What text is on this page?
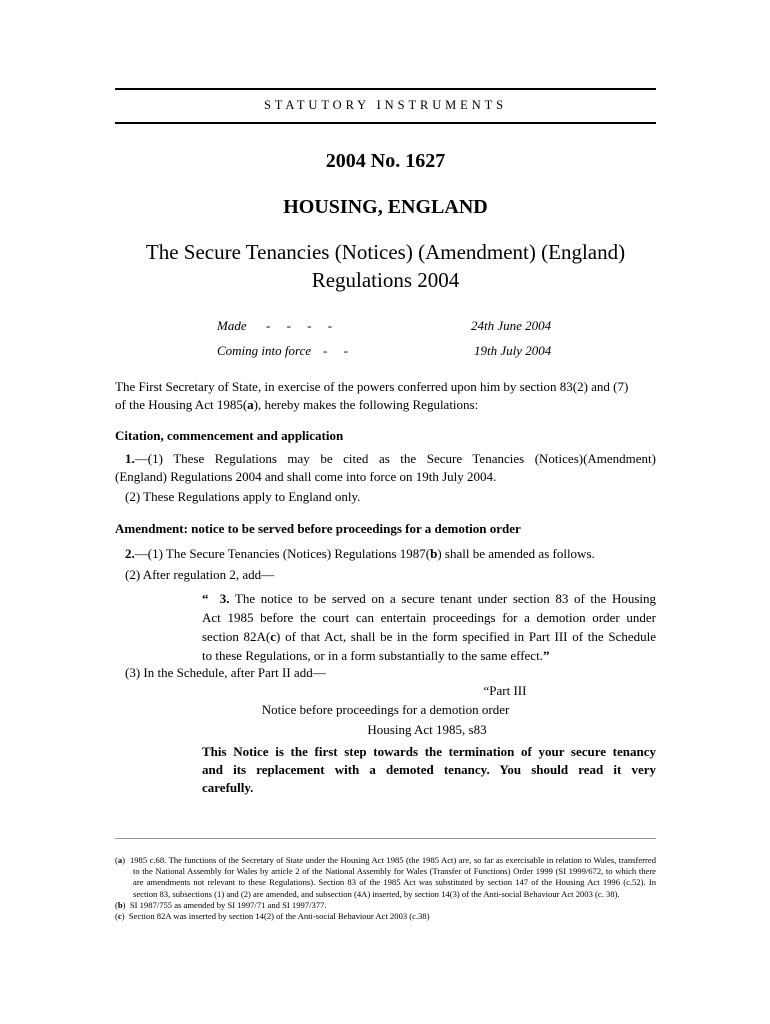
STATUTORY INSTRUMENTS
2004 No. 1627
HOUSING, ENGLAND
The Secure Tenancies (Notices) (Amendment) (England)
Regulations 2004
Made -     -     -     -	24th June 2004
Coming into force -     -	19th July 2004
The First Secretary of State, in exercise of the powers conferred upon him by section 83(2) and (7)
of the Housing Act 1985(a), hereby makes the following Regulations:
Citation, commencement and application
1.—(1) These Regulations may be cited as the Secure Tenancies (Notices)(Amendment)
(England) Regulations 2004 and shall come into force on 19th July 2004.
(2) These Regulations apply to England only.
Amendment: notice to be served before proceedings for a demotion order
2.—(1) The Secure Tenancies (Notices) Regulations 1987(b) shall be amended as follows.
(2) After regulation 2, add—
“ 3. The notice to be served on a secure tenant under section 83 of the Housing
Act 1985 before the court can entertain proceedings for a demotion order under
section 82A(c) of that Act, shall be in the form specified in Part III of the Schedule
to these Regulations, or in a form substantially to the same effect.”
(3) In the Schedule, after Part II add—
“Part III
Notice before proceedings for a demotion order
Housing Act 1985, s83
This Notice is the first step towards the termination of your secure tenancy
and its replacement with a demoted tenancy. You should read it very
carefully.
(a) 1985 c.68. The functions of the Secretary of State under the Housing Act 1985 (the 1985 Act) are, so far as exercisable in relation to Wales, transferred to the National Assembly for Wales by article 2 of the National Assembly for Wales (Transfer of Functions) Order 1999 (SI 1999/672, to which there are amendments not relevant to these Regulations). Section 83 of the 1985 Act was substituted by section 147 of the Housing Act 1996 (c.52). In section 83, subsections (1) and (2) are amended, and subsection (4A) inserted, by section 14(3) of the Anti-social Behaviour Act 2003 (c. 38).
(b) SI 1987/755 as amended by SI 1997/71 and SI 1997/377.
(c) Section 82A was inserted by section 14(2) of the Anti-social Behaviour Act 2003 (c.38)
